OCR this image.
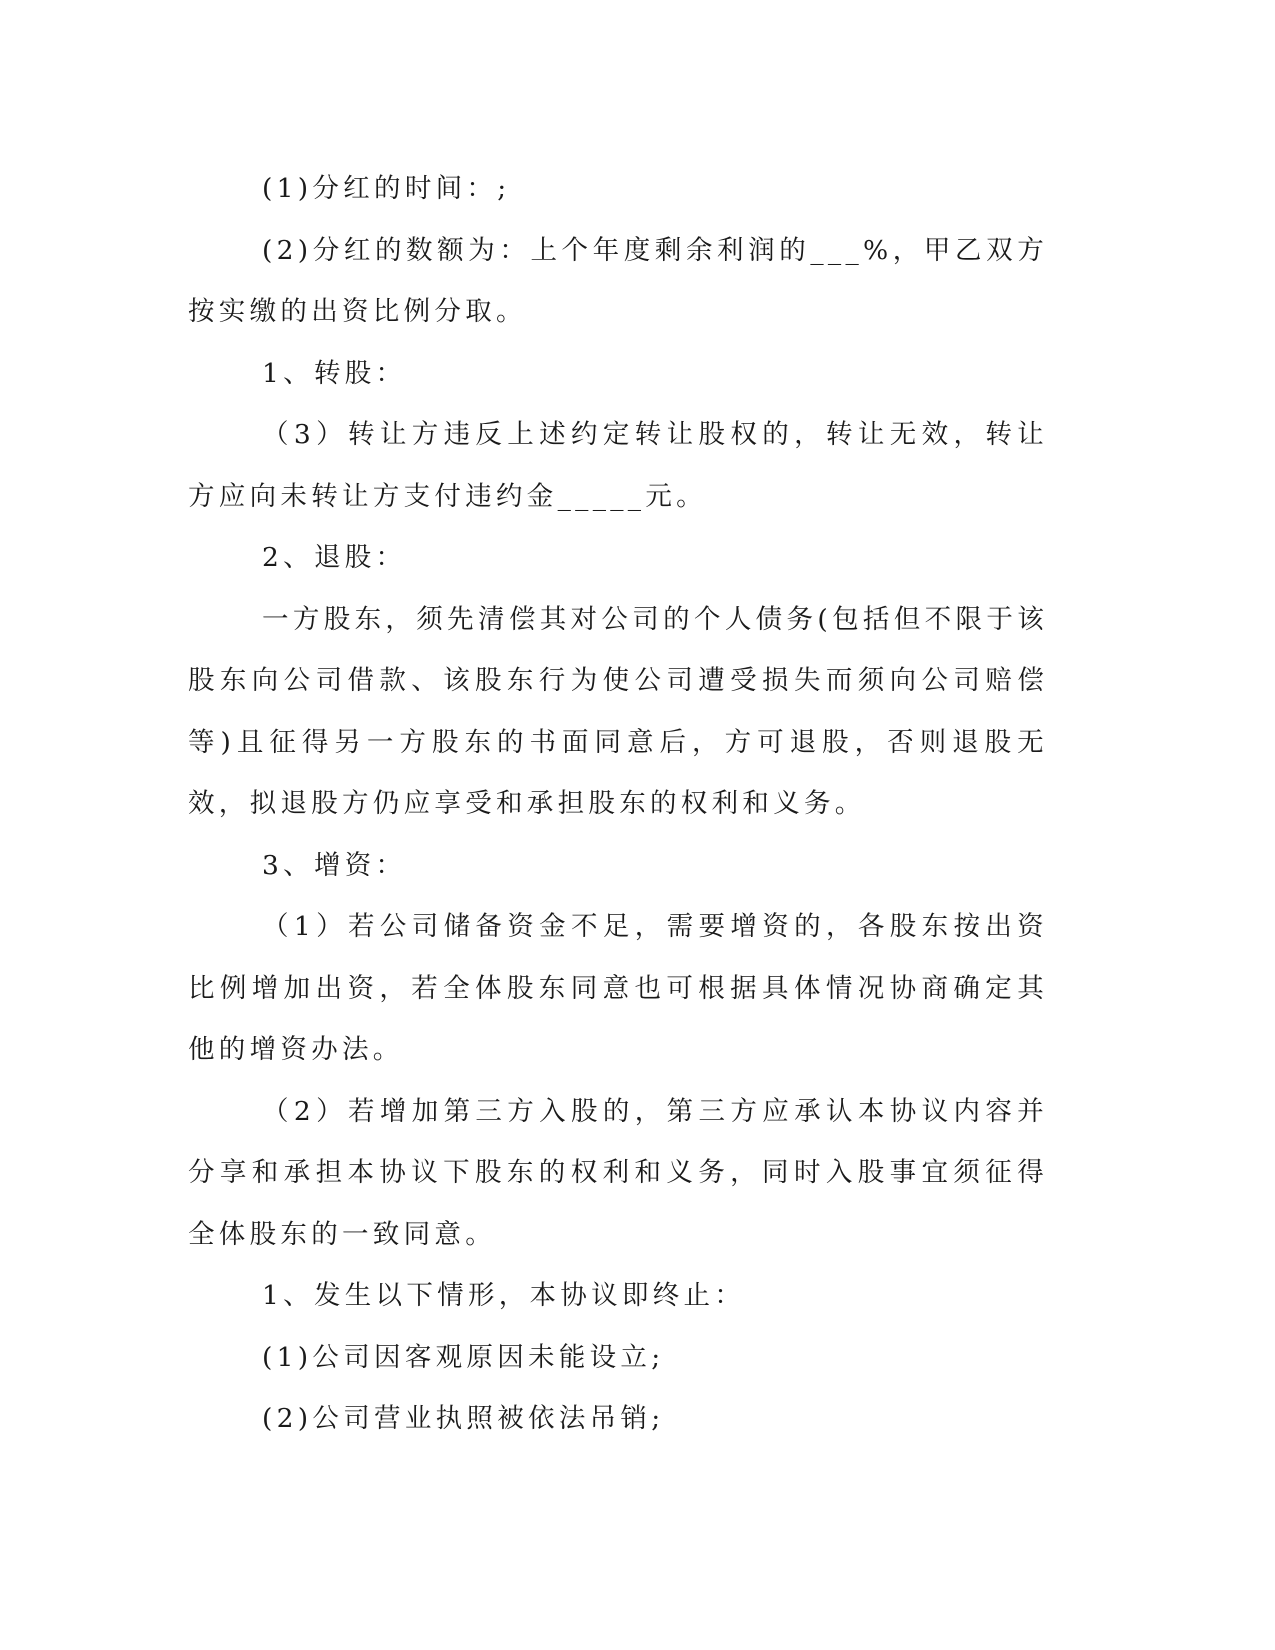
(1)分红的时间：;

(2)分红的数额为：上个年度剩余利润的___%，甲乙双方按实缴的出资比例分取。

1、转股：

（3）转让方违反上述约定转让股权的，转让无效，转让方应向未转让方支付违约金_____元。

2、退股：

一方股东，须先清偿其对公司的个人债务(包括但不限于该股东向公司借款、该股东行为使公司遭受损失而须向公司赔偿等)且征得另一方股东的书面同意后，方可退股，否则退股无效，拟退股方仍应享受和承担股东的权利和义务。

3、增资：

（1）若公司储备资金不足，需要增资的，各股东按出资比例增加出资，若全体股东同意也可根据具体情况协商确定其他的增资办法。

（2）若增加第三方入股的，第三方应承认本协议内容并分享和承担本协议下股东的权利和义务，同时入股事宜须征得全体股东的一致同意。

1、发生以下情形，本协议即终止：

(1)公司因客观原因未能设立;

(2)公司营业执照被依法吊销;
